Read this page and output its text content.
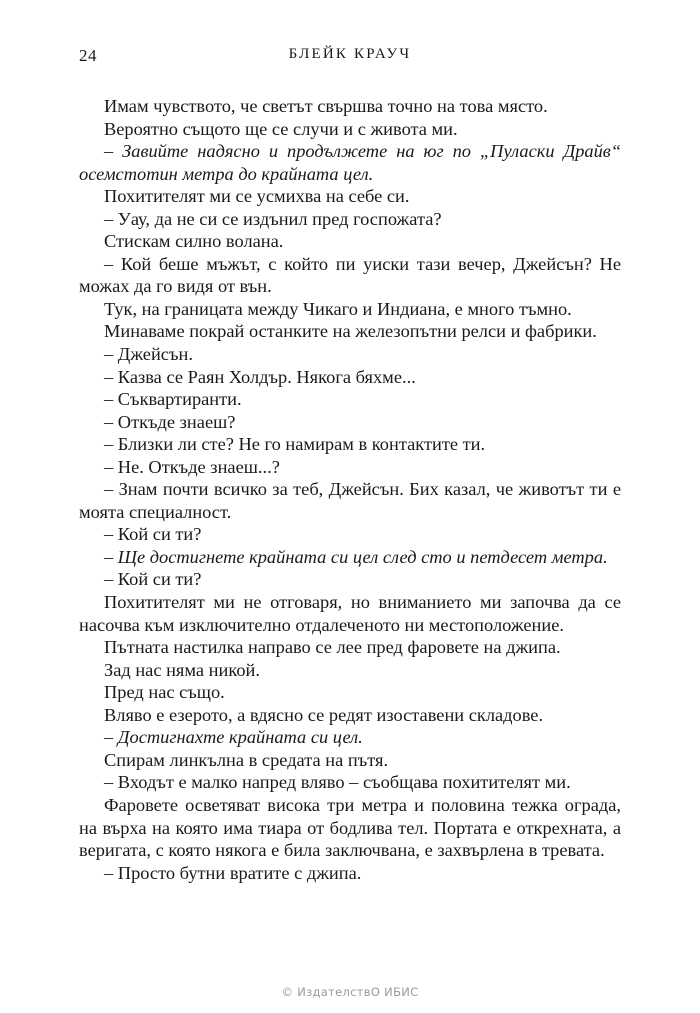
24	БЛЕЙК КРАУЧ

Имам чувството, че светът свършва точно на това място.

Вероятно същото ще се случи и с живота ми.

– Завийте надясно и продължете на юг по „Пуласки Драйв“ осемстотин метра до крайната цел.

Похитителят ми се усмихва на себе си.

– Уау, да не си се издънил пред госпожата?

Стискам силно волана.

– Кой беше мъжът, с който пи уиски тази вечер, Джейсън? Не можах да го видя от вън.

Тук, на границата между Чикаго и Индиана, е много тъмно.

Минаваме покрай останките на железопътни релси и фабрики.

– Джейсън.

– Казва се Раян Холдър. Някога бяхме...

– Съквартиранти.

– Откъде знаеш?

– Близки ли сте? Не го намирам в контактите ти.

– Не. Откъде знаеш...?

– Знам почти всичко за теб, Джейсън. Бих казал, че животът ти е моята специалност.

– Кой си ти?

– Ще достигнете крайната си цел след сто и петдесет метра.

– Кой си ти?

Похитителят ми не отговаря, но вниманието ми започва да се насочва към изключително отдалеченото ни местоположение.

Пътната настилка направо се лее пред фаровете на джипа.

Зад нас няма никой.

Пред нас също.

Вляво е езерото, а вдясно се редят изоставени складове.

– Достигнахте крайната си цел.

Спирам линкълна в средата на пътя.

– Входът е малко напред вляво – съобщава похитителят ми.

Фаровете осветяват висока три метра и половина тежка ограда, на върха на която има тиара от бодлива тел. Портата е открехната, а веригата, с която някога е била заключвана, е захвърлена в тревата.

– Просто бутни вратите с джипа.

© ИздателствО ИБИС
